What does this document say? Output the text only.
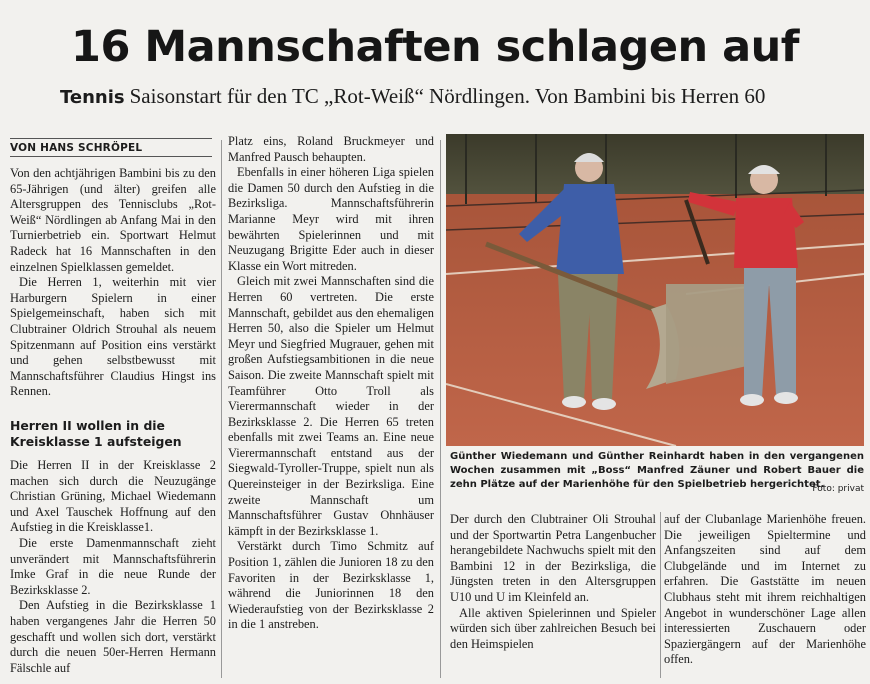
16 Mannschaften schlagen auf
Tennis Saisonstart für den TC „Rot-Weiß“ Nördlingen. Von Bambini bis Herren 60
VON HANS SCHRÖPEL

Von den achtjährigen Bambini bis zu den 65-Jährigen (und älter) greifen alle Altersgruppen des Tennisclubs „Rot-Weiß“ Nördlingen ab Anfang Mai in den Turnierbetrieb ein. Sportwart Helmut Radeck hat 16 Mannschaften in den einzelnen Spielklassen gemeldet.

Die Herren 1, weiterhin mit vier Harburgern Spielern in einer Spielgemeinschaft, haben sich mit Clubtrainer Oldrich Strouhal als neuem Spitzenmann auf Position eins verstärkt und gehen selbstbewusst mit Mannschaftsführer Claudius Hingst ins Rennen.

Herren II wollen in die Kreisklasse 1 aufsteigen

Die Herren II in der Kreisklasse 2 machen sich durch die Neuzugänge Christian Grüning, Michael Wiedemann und Axel Tauschek Hoffnung auf den Aufstieg in die Kreisklasse1.

Die erste Damenmannschaft zieht unverändert mit Mannschaftsführerin Imke Graf in die neue Runde der Bezirksklasse 2.

Den Aufstieg in die Bezirksklasse 1 haben vergangenes Jahr die Herren 50 geschafft und wollen sich dort, verstärkt durch die neuen 50er-Herren Hermann Fälschle auf

Platz eins, Roland Bruckmeyer und Manfred Pausch behaupten.

Ebenfalls in einer höheren Liga spielen die Damen 50 durch den Aufstieg in die Bezirksliga. Mannschaftsführerin Marianne Meyr wird mit ihren bewährten Spielerinnen und mit Neuzugang Brigitte Eder auch in dieser Klasse ein Wort mitreden.

Gleich mit zwei Mannschaften sind die Herren 60 vertreten. Die erste Mannschaft, gebildet aus den ehemaligen Herren 50, also die Spieler um Helmut Meyr und Siegfried Mugrauer, gehen mit großen Aufstiegsambitionen in die neue Saison. Die zweite Mannschaft spielt mit Teamführer Otto Troll als Vierermannschaft wieder in der Bezirksklasse 2. Die Herren 65 treten ebenfalls mit zwei Teams an. Eine neue Vierermannschaft entstand aus der Siegwald-Tyroller-Truppe, spielt nun als Quereinsteiger in der Bezirksliga. Eine zweite Mannschaft um Mannschaftsführer Gustav Ohnhäuser kämpft in der Bezirksklasse 1.

Verstärkt durch Timo Schmitz auf Position 1, zählen die Junioren 18 zu den Favoriten in der Bezirksklasse 1, während die Juniorinnen 18 den Wiederaufstieg von der Bezirksklasse 2 in die 1 anstreben.

Günther Wiedemann und Günther Reinhardt haben in den vergangenen Wochen zusammen mit „Boss“ Manfred Zäuner und Robert Bauer die zehn Plätze auf der Marienhöhe für den Spielbetrieb hergerichtet.
Foto: privat

Der durch den Clubtrainer Oli Strouhal und der Sportwartin Petra Langenbucher herangebildete Nachwuchs spielt mit den Bambini 12 in der Bezirksliga, die Jüngsten treten in den Altersgruppen U10 und U im Kleinfeld an.

Alle aktiven Spielerinnen und Spieler würden sich über zahlreichen Besuch bei den Heimspielen

auf der Clubanlage Marienhöhe freuen. Die jeweiligen Spieltermine und Anfangszeiten sind auf dem Clubgelände und im Internet zu erfahren. Die Gaststätte im neuen Clubhaus steht mit ihrem reichhaltigen Angebot in wunderschöner Lage allen interessierten Zuschauern oder Spaziergängern auf der Marienhöhe offen.
